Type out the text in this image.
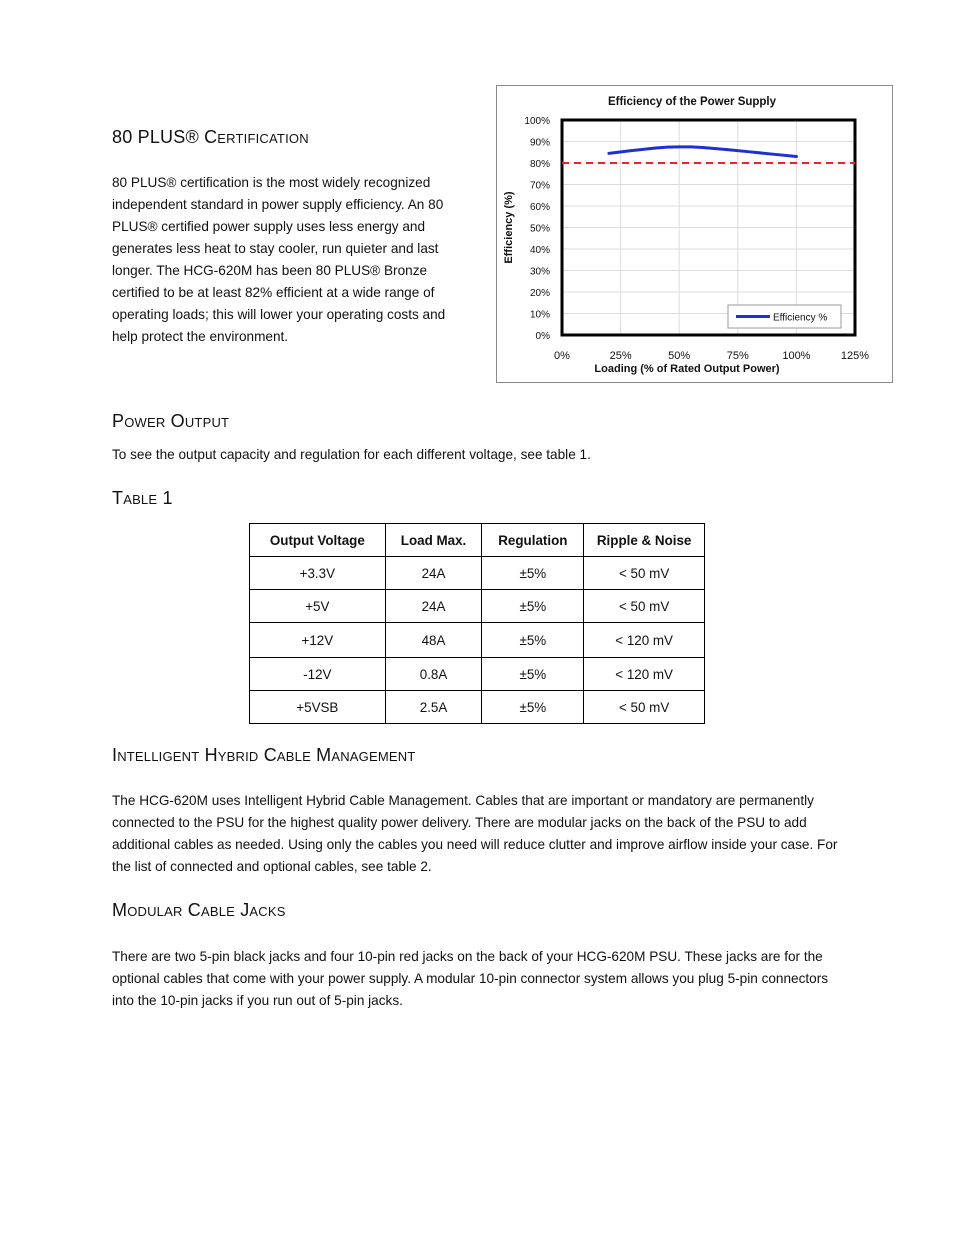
80 PLUS® Certification
80 PLUS® certification is the most widely recognized independent standard in power supply efficiency. An 80 PLUS® certified power supply uses less energy and generates less heat to stay cooler, run quieter and last longer. The HCG-620M has been 80 PLUS® Bronze certified to be at least 82% efficient at a wide range of operating loads; this will lower your operating costs and help protect the environment.
Efficiency of the Power Supply
0%	25%	50%	75%	100%	125%
0%
10%
20%
30%
40%
50%
60%
70%
80%
90%
100%
Loading (% of Rated Output Power)
Efficiency (%)
Efficiency %
Power Output
To see the output capacity and regulation for each different voltage, see table 1.
Table 1
Output Voltage	Load Max.	Regulation	Ripple & Noise
+3.3V	24A	±5%	< 50 mV
+5V	24A	±5%	< 50 mV
+12V	48A	±5%	< 120 mV
-12V	0.8A	±5%	< 120 mV
+5VSB	2.5A	±5%	< 50 mV
Intelligent Hybrid Cable Management
The HCG-620M uses Intelligent Hybrid Cable Management. Cables that are important or mandatory are permanently connected to the PSU for the highest quality power delivery. There are modular jacks on the back of the PSU to add additional cables as needed. Using only the cables you need will reduce clutter and improve airflow inside your case. For the list of connected and optional cables, see table 2.
Modular Cable Jacks
There are two 5-pin black jacks and four 10-pin red jacks on the back of your HCG-620M PSU. These jacks are for the optional cables that come with your power supply. A modular 10-pin connector system allows you plug 5-pin connectors into the 10-pin jacks if you run out of 5-pin jacks.
